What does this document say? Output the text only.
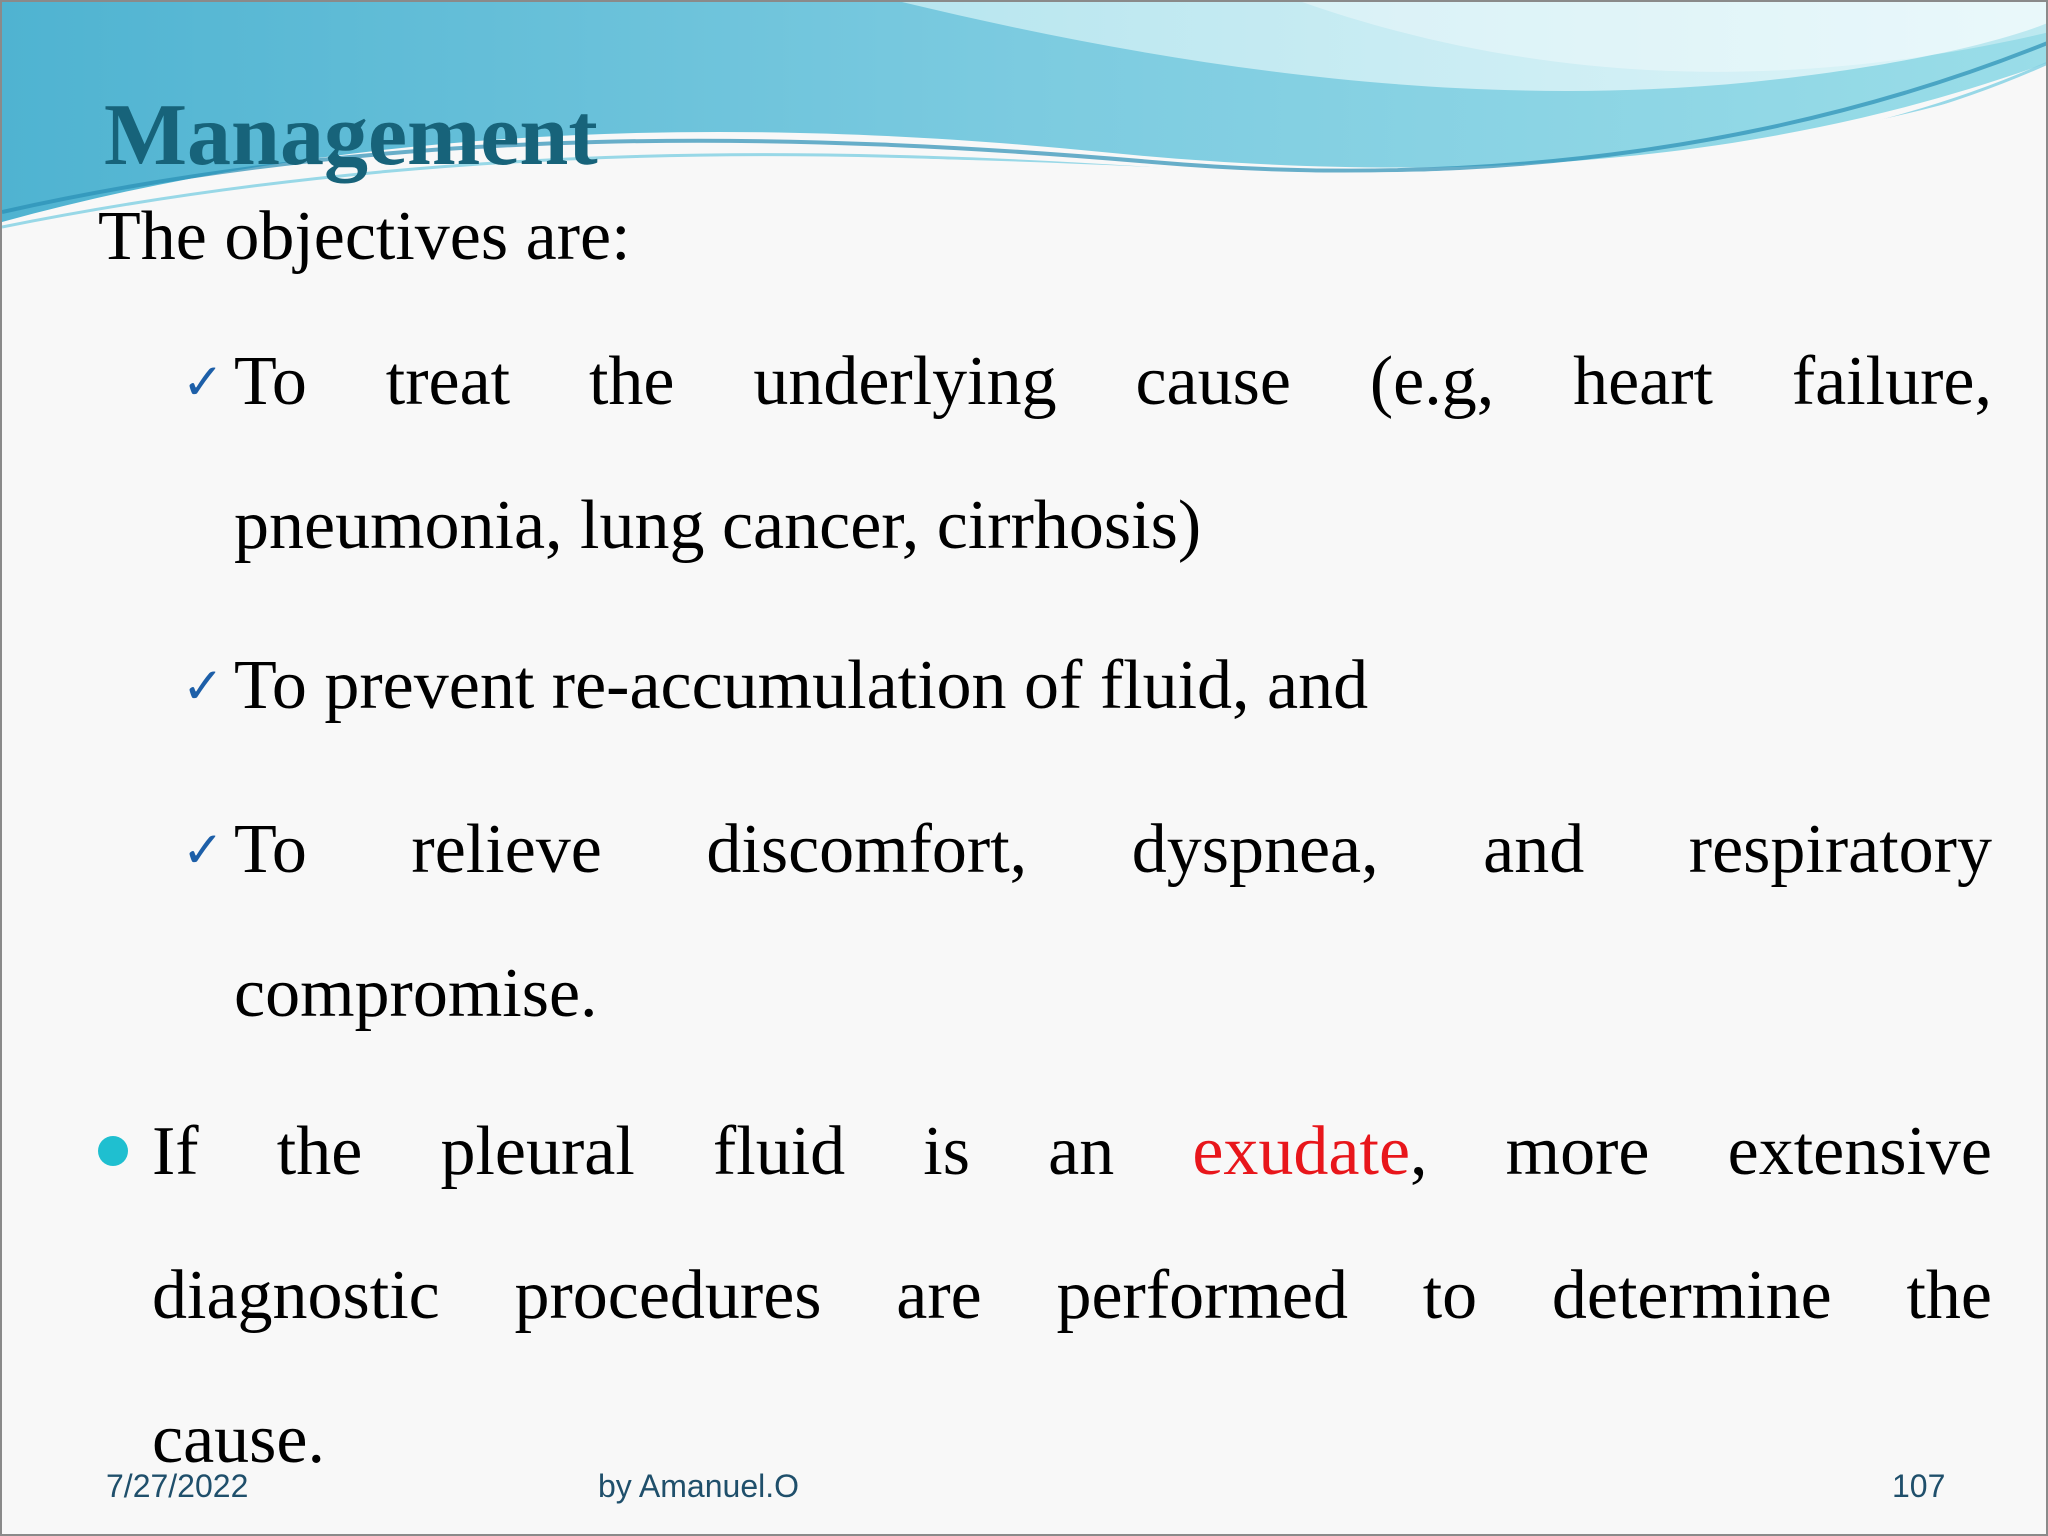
Management

The objectives are:

✓ To treat the underlying cause (e.g, heart failure,
pneumonia, lung cancer, cirrhosis)
✓ To prevent re-accumulation of fluid, and
✓ To relieve discomfort, dyspnea, and respiratory
compromise.
If the pleural fluid is an exudate, more extensive
diagnostic procedures are performed to determine the
cause.
7/27/2022	by Amanuel.O	107
